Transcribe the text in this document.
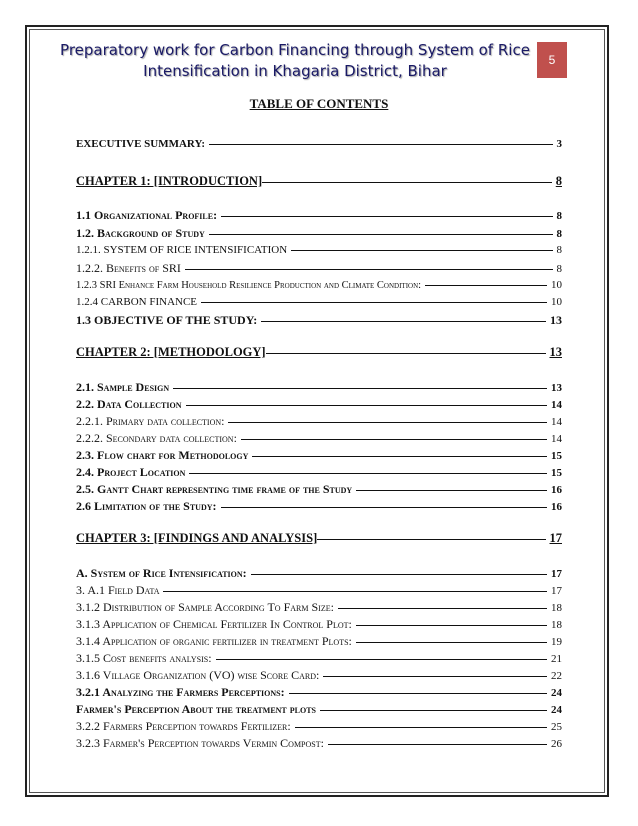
Preparatory work for Carbon Financing through System of Rice
Intensification in Khagaria District, Bihar
5
TABLE OF CONTENTS
EXECUTIVE SUMMARY:	3
CHAPTER 1: [INTRODUCTION]	8
1.1 Organizational Profile:	8
1.2. Background of Study	8
1.2.1. SYSTEM OF RICE INTENSIFICATION	8
1.2.2. Benefits of SRI	8
1.2.3 SRI Enhance Farm Household Resilience Production and Climate Condition:	10
1.2.4 CARBON FINANCE	10
1.3 OBJECTIVE OF THE STUDY:	13
CHAPTER 2: [METHODOLOGY]	13
2.1. Sample Design	13
2.2. Data Collection	14
2.2.1. Primary data collection:	14
2.2.2. Secondary data collection:	14
2.3. Flow chart for Methodology	15
2.4. Project Location	15
2.5. Gantt Chart representing time frame of the Study	16
2.6 Limitation of the Study:	16
CHAPTER 3: [FINDINGS AND ANALYSIS]	17
A. System of Rice Intensification:	17
3. A.1 Field Data	17
3.1.2 Distribution of Sample According To Farm Size:	18
3.1.3 Application of Chemical Fertilizer In Control Plot:	18
3.1.4 Application of organic fertilizer in treatment Plots:	19
3.1.5 Cost benefits analysis:	21
3.1.6 Village Organization (VO) wise Score Card:	22
3.2.1 Analyzing the Farmers Perceptions:	24
Farmer's Perception About the treatment plots	24
3.2.2 Farmers Perception towards Fertilizer:	25
3.2.3 Farmer's Perception towards Vermin Compost:	26
